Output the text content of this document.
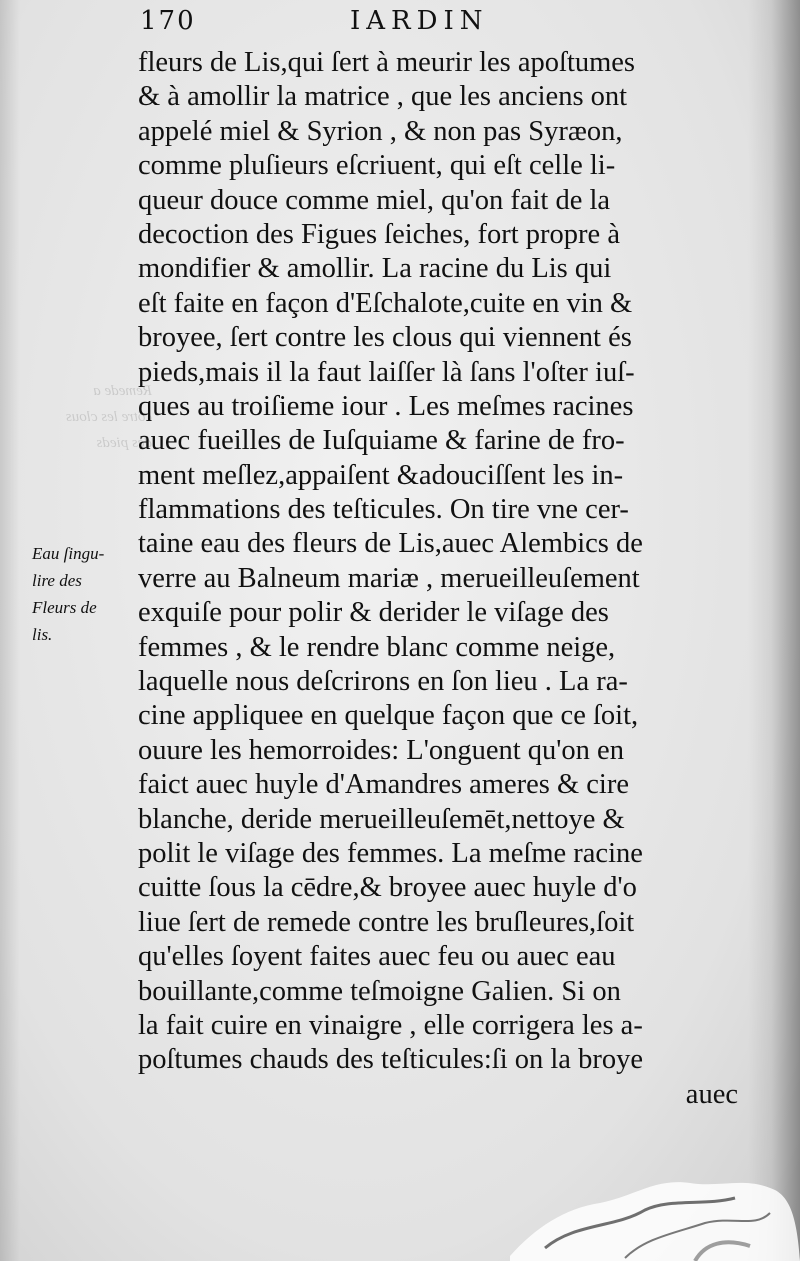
Remede a
cōtre les clous
des pieds
170	IARDIN
fleurs de Lis,qui ſert à meurir les apoſtumes
& à amollir la matrice , que les anciens ont
appelé miel & Syrion , & non pas Syræon,
comme pluſieurs eſcriuent, qui eſt celle li-
queur douce comme miel, qu'on fait de la
decoction des Figues ſeiches, fort propre à
mondifier & amollir. La racine du Lis qui
eſt faite en façon d'Eſchalote,cuite en vin &
broyee, ſert contre les clous qui viennent és
pieds,mais il la faut laiſſer là ſans l'oſter iuſ-
ques au troiſieme iour . Les meſmes racines
auec fueilles de Iuſquiame & farine de fro-
ment meſlez,appaiſent &adouciſſent les in-
flammations des teſticules. On tire vne cer-
taine eau des fleurs de Lis,auec Alembics de
verre au Balneum mariæ , merueilleuſement
exquiſe pour polir & derider le viſage des
femmes , & le rendre blanc comme neige,
laquelle nous deſcrirons en ſon lieu . La ra-
cine appliquee en quelque façon que ce ſoit,
ouure les hemorroides: L'onguent qu'on en
faict auec huyle d'Amandres ameres & cire
blanche, deride merueilleuſemēt,nettoye &
polit le viſage des femmes. La meſme racine
cuitte ſous la cēdre,& broyee auec huyle d'o
liue ſert de remede contre les bruſleures,ſoit
qu'elles ſoyent faites auec feu ou auec eau
bouillante,comme teſmoigne Galien. Si on
la fait cuire en vinaigre , elle corrigera les a-
poſtumes chauds des teſticules:ſi on la broye
auec
Eau ſingu-
lire des
Fleurs de
lis.
